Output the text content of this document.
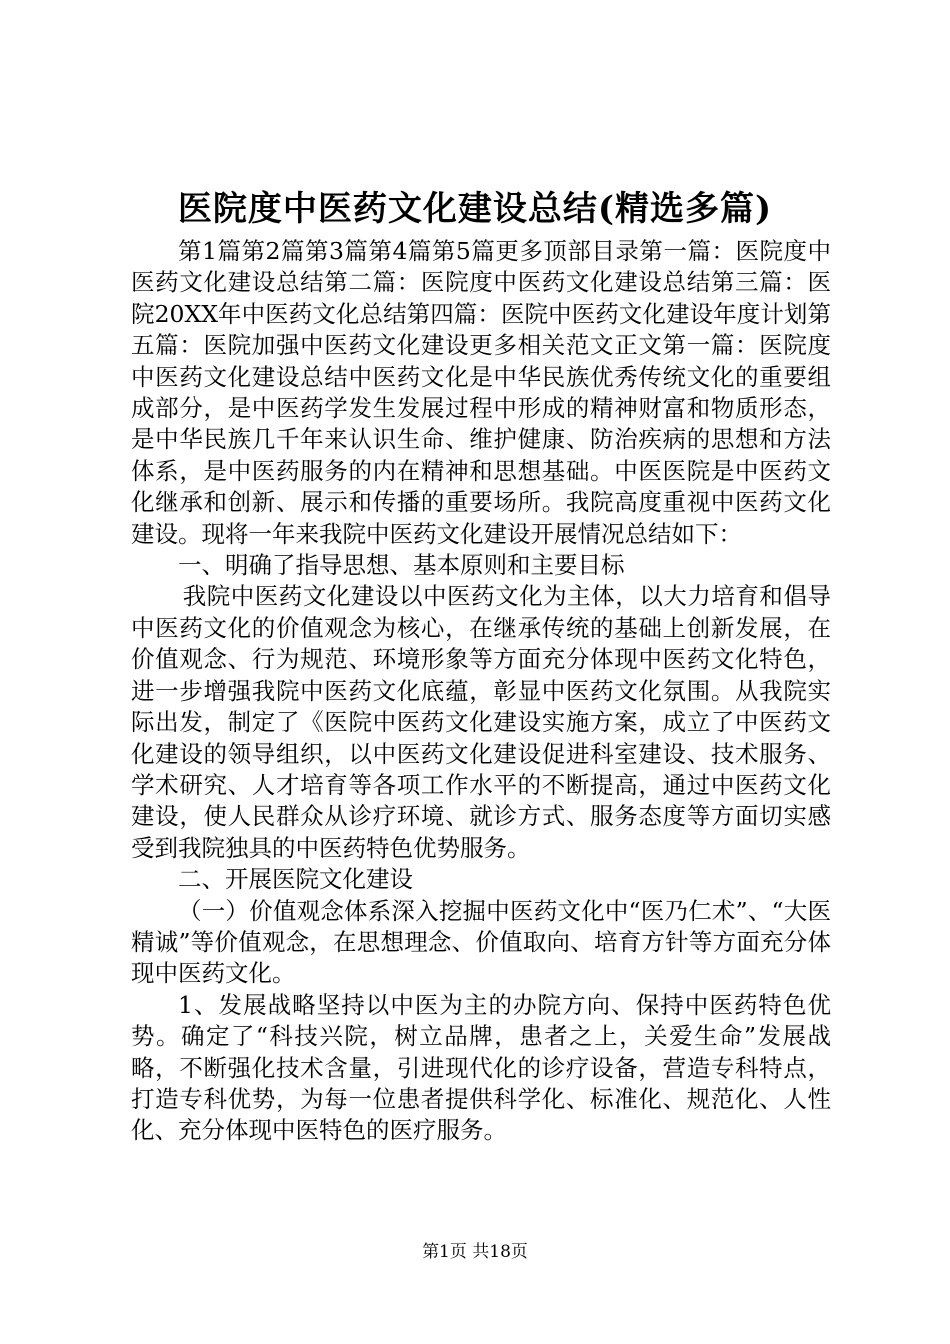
医院度中医药文化建设总结(精选多篇)

第1篇第2篇第3篇第4篇第5篇更多顶部目录第一篇：医院度中医药文化建设总结第二篇：医院度中医药文化建设总结第三篇：医院20XX年中医药文化总结第四篇：医院中医药文化建设年度计划第五篇：医院加强中医药文化建设更多相关范文正文第一篇：医院度中医药文化建设总结中医药文化是中华民族优秀传统文化的重要组成部分，是中医药学发生发展过程中形成的精神财富和物质形态，是中华民族几千年来认识生命、维护健康、防治疾病的思想和方法体系，是中医药服务的内在精神和思想基础。中医医院是中医药文化继承和创新、展示和传播的重要场所。我院高度重视中医药文化建设。现将一年来我院中医药文化建设开展情况总结如下：

一、明确了指导思想、基本原则和主要目标

我院中医药文化建设以中医药文化为主体，以大力培育和倡导中医药文化的价值观念为核心，在继承传统的基础上创新发展，在价值观念、行为规范、环境形象等方面充分体现中医药文化特色，进一步增强我院中医药文化底蕴，彰显中医药文化氛围。从我院实际出发，制定了《医院中医药文化建设实施方案，成立了中医药文化建设的领导组织，以中医药文化建设促进科室建设、技术服务、学术研究、人才培育等各项工作水平的不断提高，通过中医药文化建设，使人民群众从诊疗环境、就诊方式、服务态度等方面切实感受到我院独具的中医药特色优势服务。

二、开展医院文化建设

（一）价值观念体系深入挖掘中医药文化中“医乃仁术”、“大医精诚”等价值观念，在思想理念、价值取向、培育方针等方面充分体现中医药文化。

1、发展战略坚持以中医为主的办院方向、保持中医药特色优势。确定了“科技兴院，树立品牌，患者之上，关爱生命”发展战略，不断强化技术含量，引进现代化的诊疗设备，营造专科特点，打造专科优势，为每一位患者提供科学化、标准化、规范化、人性化、充分体现中医特色的医疗服务。

第1页 共18页
